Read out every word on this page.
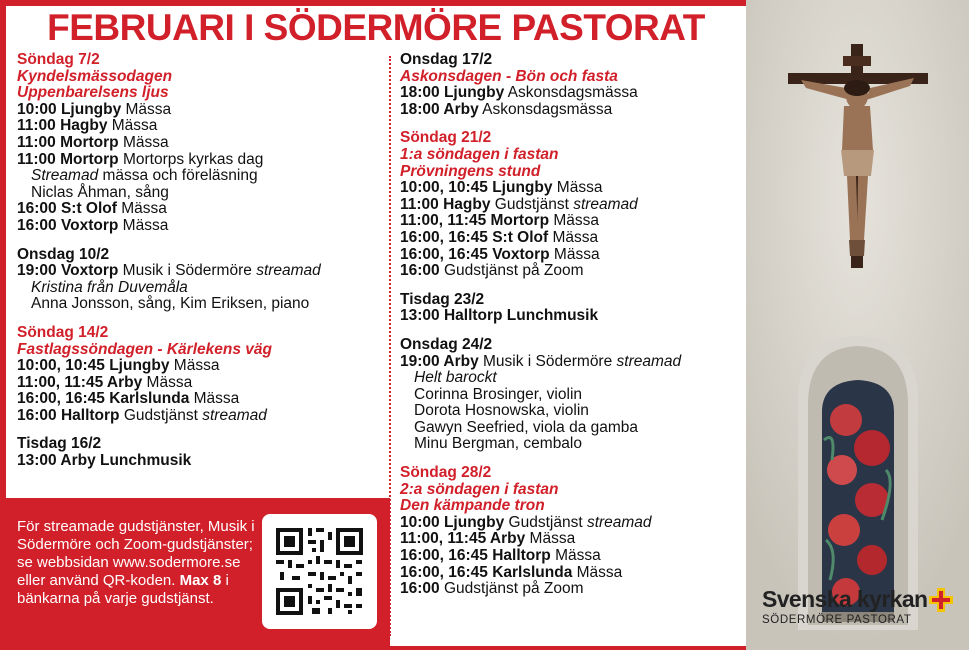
FEBRUARI I SÖDERMÖRE PASTORAT
Söndag 7/2
Kyndelsmässodagen
Uppenbarelsens ljus
10:00 Ljungby Mässa
11:00 Hagby Mässa
11:00 Mortorp Mässa
11:00 Mortorp Mortorps kyrkas dag
Streamad mässa och föreläsning
Niclas Åhman, sång
16:00 S:t Olof Mässa
16:00 Voxtorp Mässa
Onsdag 10/2
19:00 Voxtorp Musik i Södermöre streamad
Kristina från Duvemåla
Anna Jonsson, sång, Kim Eriksen, piano
Söndag 14/2
Fastlagssöndagen - Kärlekens väg
10:00, 10:45 Ljungby Mässa
11:00, 11:45 Arby Mässa
16:00, 16:45 Karlslunda Mässa
16:00 Halltorp Gudstjänst streamad
Tisdag 16/2
13:00 Arby Lunchmusik
Onsdag 17/2
Askonsdagen - Bön och fasta
18:00 Ljungby Askonsdagsmässa
18:00 Arby Askonsdagsmässa
Söndag 21/2
1:a söndagen i fastan
Prövningens stund
10:00, 10:45 Ljungby Mässa
11:00 Hagby Gudstjänst streamad
11:00, 11:45 Mortorp Mässa
16:00, 16:45 S:t Olof Mässa
16:00, 16:45 Voxtorp Mässa
16:00 Gudstjänst på Zoom
Tisdag 23/2
13:00 Halltorp Lunchmusik
Onsdag 24/2
19:00 Arby Musik i Södermöre streamad
Helt barockt
Corinna Brosinger, violin
Dorota Hosnowska, violin
Gawyn Seefried, viola da gamba
Minu Bergman, cembalo
Söndag 28/2
2:a söndagen i fastan
Den kämpande tron
10:00 Ljungby Gudstjänst streamad
11:00, 11:45 Arby Mässa
16:00, 16:45 Halltorp Mässa
16:00, 16:45 Karlslunda Mässa
16:00 Gudstjänst på Zoom
För streamade gudstjänster, Musik i Södermöre och Zoom-gudstjänster; se webbsidan www.sodermore.se eller använd QR-koden. Max 8 i bänkarna på varje gudstjänst.	Svenska kyrkan
SÖDERMÖRE PASTORAT
